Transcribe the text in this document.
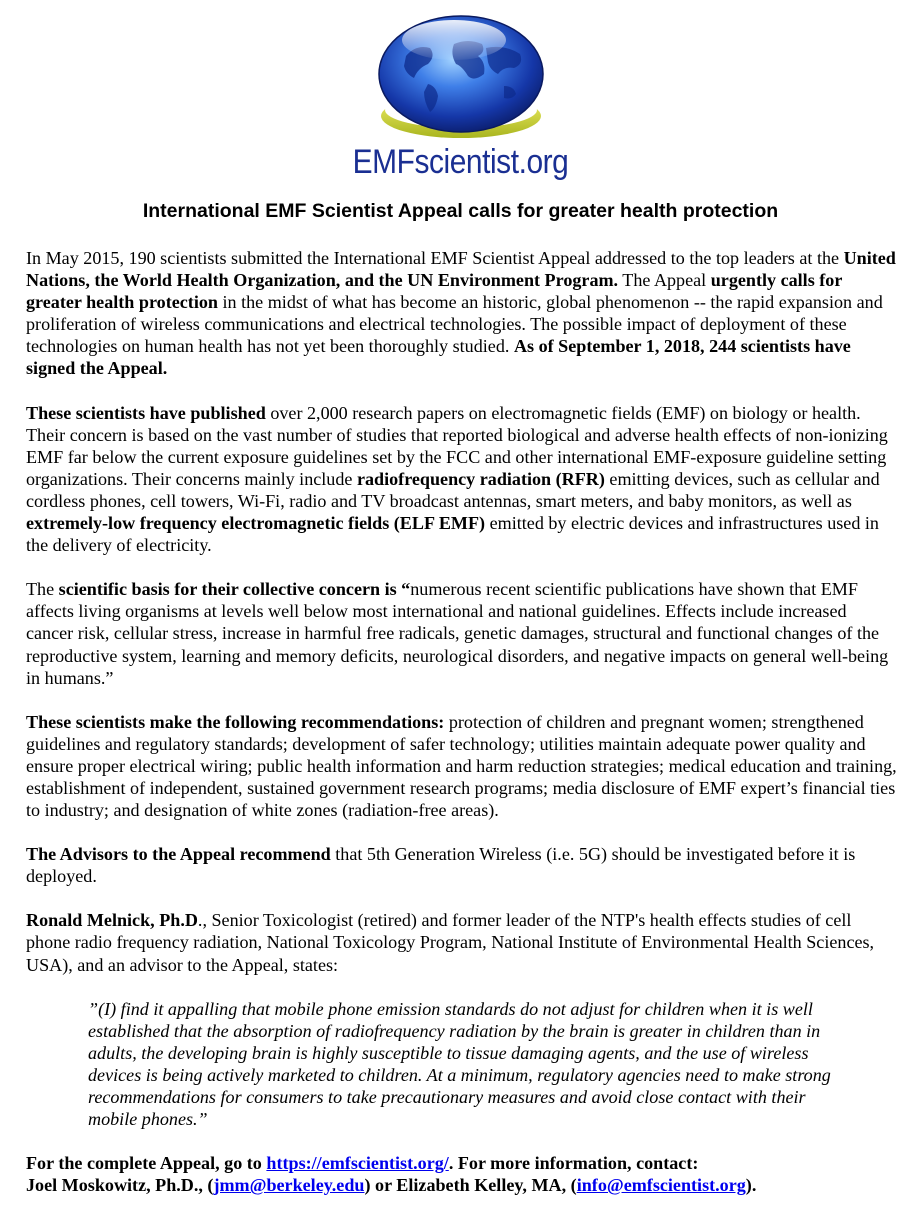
EMFscientist.org
International EMF Scientist Appeal calls for greater health protection

In May 2015, 190 scientists submitted the International EMF Scientist Appeal addressed to the top leaders at the United Nations, the World Health Organization, and the UN Environment Program. The Appeal urgently calls for greater health protection in the midst of what has become an historic, global phenomenon -- the rapid expansion and proliferation of wireless communications and electrical technologies. The possible impact of deployment of these technologies on human health has not yet been thoroughly studied. As of September 1, 2018, 244 scientists have signed the Appeal.

These scientists have published over 2,000 research papers on electromagnetic fields (EMF) on biology or health. Their concern is based on the vast number of studies that reported biological and adverse health effects of non-ionizing EMF far below the current exposure guidelines set by the FCC and other international EMF-exposure guideline setting organizations. Their concerns mainly include radiofrequency radiation (RFR) emitting devices, such as cellular and cordless phones, cell towers, Wi-Fi, radio and TV broadcast antennas, smart meters, and baby monitors, as well as extremely-low frequency electromagnetic fields (ELF EMF) emitted by electric devices and infrastructures used in the delivery of electricity.

The scientific basis for their collective concern is “numerous recent scientific publications have shown that EMF affects living organisms at levels well below most international and national guidelines. Effects include increased cancer risk, cellular stress, increase in harmful free radicals, genetic damages, structural and functional changes of the reproductive system, learning and memory deficits, neurological disorders, and negative impacts on general well-being in humans.”

These scientists make the following recommendations: protection of children and pregnant women; strengthened guidelines and regulatory standards; development of safer technology; utilities maintain adequate power quality and ensure proper electrical wiring; public health information and harm reduction strategies; medical education and training, establishment of independent, sustained government research programs; media disclosure of EMF expert’s financial ties to industry; and designation of white zones (radiation-free areas).

The Advisors to the Appeal recommend that 5th Generation Wireless (i.e. 5G) should be investigated before it is deployed.

Ronald Melnick, Ph.D., Senior Toxicologist (retired) and former leader of the NTP's health effects studies of cell phone radio frequency radiation, National Toxicology Program, National Institute of Environmental Health Sciences, USA), and an advisor to the Appeal, states:

”(I) find it appalling that mobile phone emission standards do not adjust for children when it is well established that the absorption of radiofrequency radiation by the brain is greater in children than in adults, the developing brain is highly susceptible to tissue damaging agents, and the use of wireless devices is being actively marketed to children. At a minimum, regulatory agencies need to make strong recommendations for consumers to take precautionary measures and avoid close contact with their mobile phones.”

For the complete Appeal, go to https://emfscientist.org/. For more information, contact:
Joel Moskowitz, Ph.D., (jmm@berkeley.edu) or Elizabeth Kelley, MA, (info@emfscientist.org).
